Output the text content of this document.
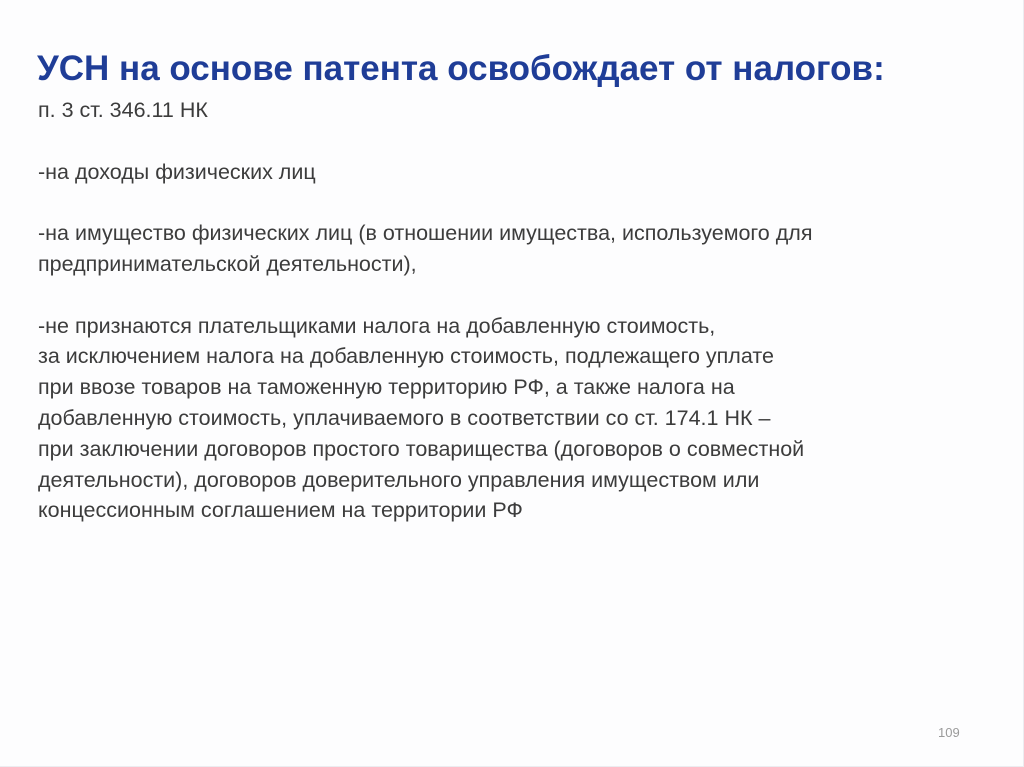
УСН на основе патента освобождает от налогов:
п. 3 ст. 346.11 НК
-на доходы физических лиц
-на имущество физических лиц (в отношении имущества, используемого для
предпринимательской деятельности),
-не признаются плательщиками налога на добавленную стоимость,
за исключением налога на добавленную стоимость, подлежащего уплате
при ввозе товаров на таможенную территорию РФ, а также налога на
добавленную стоимость, уплачиваемого в соответствии со ст. 174.1 НК –
при заключении договоров простого товарищества (договоров о совместной
деятельности), договоров доверительного управления имуществом или
концессионным соглашением на территории РФ
109
